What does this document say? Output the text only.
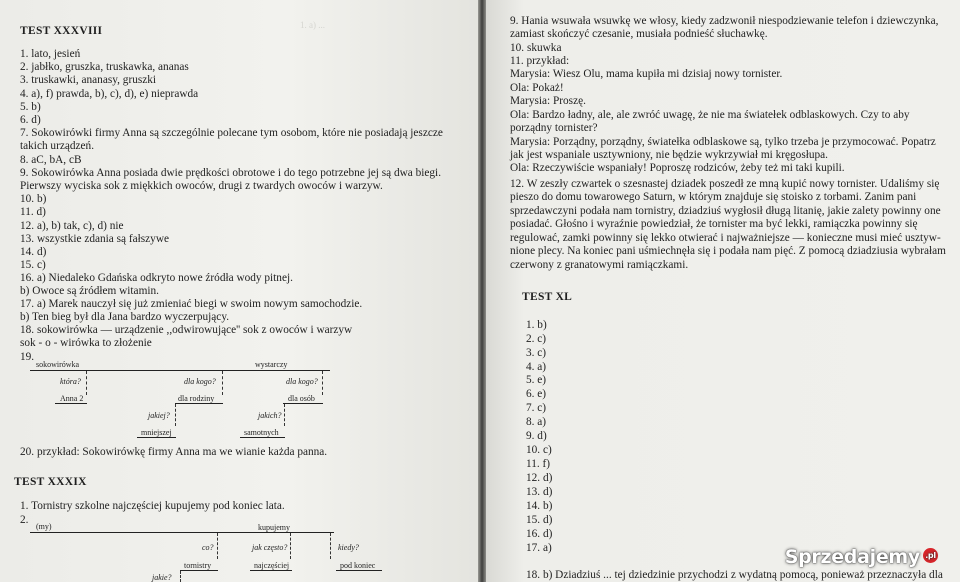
1. a) ...
TEST XXXVIII
1. lato, jesień
2. jabłko, gruszka, truskawka, ananas
3. truskawki, ananasy, gruszki
4. a), f) prawda, b), c), d), e) nieprawda
5. b)
6. d)
7. Sokowirówki firmy Anna są szczególnie polecane tym osobom, które nie posiadają jeszcze
takich urządzeń.
8. aC, bA, cB
9. Sokowirówka Anna posiada dwie prędkości obrotowe i do tego potrzebne jej są dwa biegi.
Pierwszy wyciska sok z miękkich owoców, drugi z twardych owoców i warzyw.
10. b)
11. d)
12. a), b) tak, c), d) nie
13. wszystkie zdania są fałszywe
14. d)
15. c)
16. a) Niedaleko Gdańska odkryto nowe źródła wody pitnej.
b) Owoce są źródłem witamin.
17. a) Marek nauczył się już zmieniać biegi w swoim nowym samochodzie.
b) Ten bieg był dla Jana bardzo wyczerpujący.
18. sokowirówka — urządzenie ,,odwirowujące'' sok z owoców i warzyw
sok - o - wirówka to złożenie
19.
sokowirówka	wystarczy
która?	dla kogo?	dla kogo?
Anna 2	dla rodziny	dla osób
jakiej?	jakich?
mniejszej	samotnych
20. przykład: Sokowirówkę firmy Anna ma we wianie każda panna.
TEST XXXIX
1. Tornistry szkolne najczęściej kupujemy pod koniec lata.
2.
(my)	kupujemy
co?	jak często?	kiedy?
tornistry	najczęściej	pod koniec
jakie?
9. Hania wsuwała wsuwkę we włosy, kiedy zadzwonił niespodziewanie telefon i dziewczynka,
zamiast skończyć czesanie, musiała podnieść słuchawkę.
10. skuwka
11. przykład:
Marysia: Wiesz Olu, mama kupiła mi dzisiaj nowy tornister.
Ola: Pokaż!
Marysia: Proszę.
Ola: Bardzo ładny, ale, ale zwróć uwagę, że nie ma światełek odblaskowych. Czy to aby
porządny tornister?
Marysia: Porządny, porządny, światełka odblaskowe są, tylko trzeba je przymocować. Popatrz
jak jest wspaniale usztywniony, nie będzie wykrzywiał mi kręgosłupa.
Ola: Rzeczywiście wspaniały! Poproszę rodziców, żeby też mi taki kupili.
12. W zeszły czwartek o szesnastej dziadek poszedł ze mną kupić nowy tornister. Udaliśmy się
pieszo do domu towarowego Saturn, w którym znajduje się stoisko z torbami. Zanim pani
sprzedawczyni podała nam tornistry, dziadziuś wygłosił długą litanię, jakie zalety powinny one
posiadać. Głośno i wyraźnie powiedział, że tornister ma być lekki, ramiączka powinny się
regulować, zamki powinny się lekko otwierać i najważniejsze — konieczne musi mieć usztyw-
nione plecy. Na koniec pani uśmiechnęła się i podała nam pięć. Z pomocą dziadziusia wybrałam
czerwony z granatowymi ramiączkami.
TEST XL
1. b)
2. c)
3. c)
4. a)
5. e)
6. e)
7. c)
8. a)
9. d)
10. c)
11. f)
12. d)
13. d)
14. b)
15. d)
16. d)
17. a)
18. b) Dziadziuś ... tej dziedzinie przychodzi z wydatną pomocą, ponieważ przeznaczyła dla
Sprzedajemy .pl
